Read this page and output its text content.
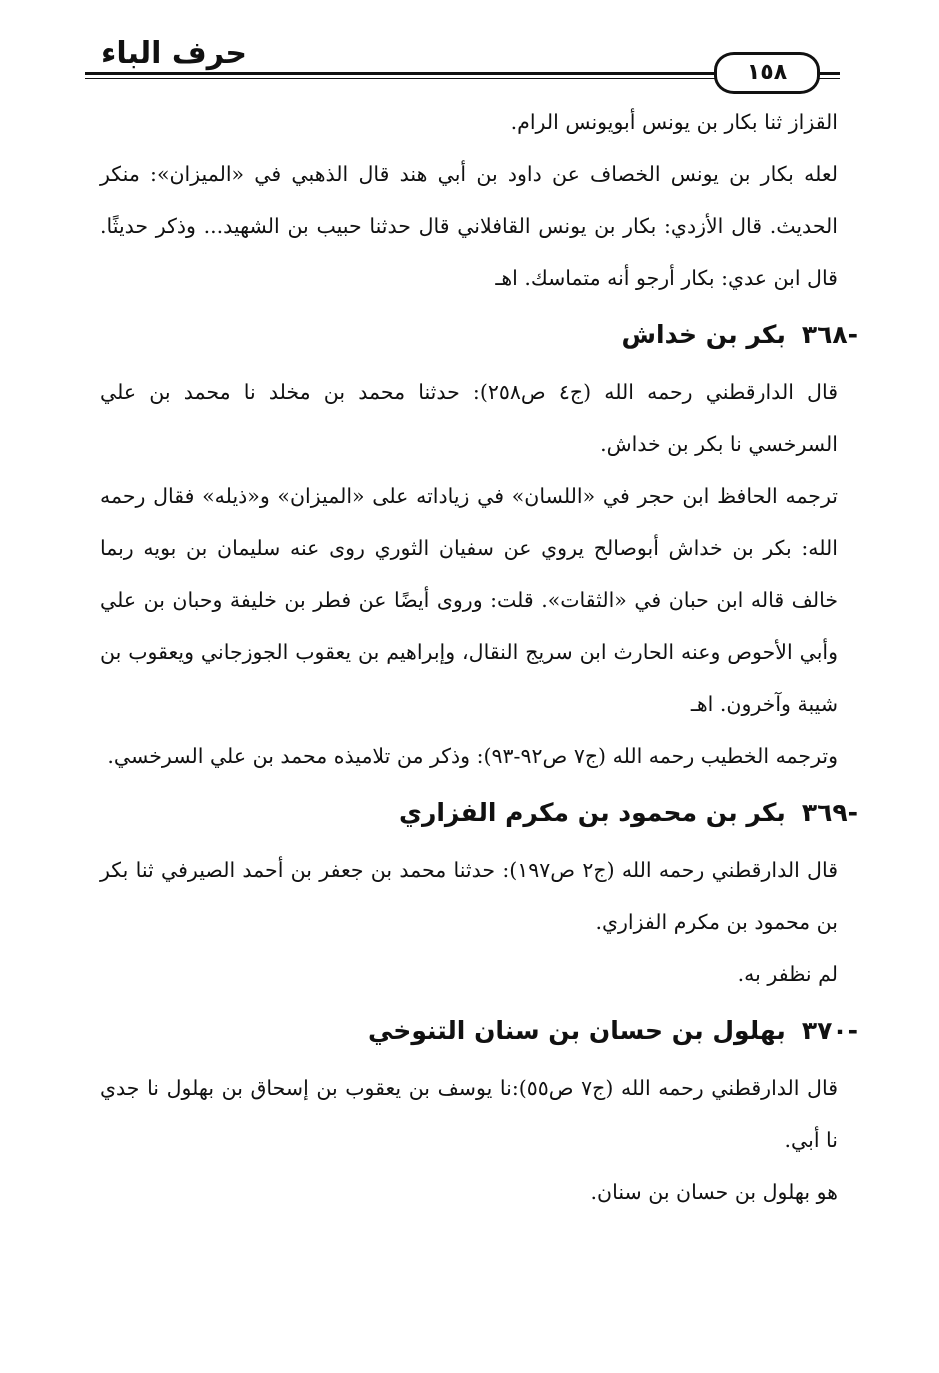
حرف الباء
١٥٨

القزاز ثنا بكار بن يونس أبويونس الرام.

لعله بكار بن يونس الخصاف عن داود بن أبي هند قال الذهبي في «الميزان»: منكر الحديث. قال الأزدي: بكار بن يونس القافلاني قال حدثنا حبيب بن الشهيد... وذكر حديثًا. قال ابن عدي: بكار أرجو أنه متماسك. اهـ

-٣٦٨
بكر بن خداش

قال الدارقطني رحمه الله (ج٤ ص٢٥٨): حدثنا محمد بن مخلد نا محمد بن علي السرخسي نا بكر بن خداش.

ترجمه الحافظ ابن حجر في «اللسان» في زياداته على «الميزان» و«ذيله» فقال رحمه الله: بكر بن خداش أبوصالح يروي عن سفيان الثوري روى عنه سليمان بن بويه ربما خالف قاله ابن حبان في «الثقات». قلت: وروى أيضًا عن فطر بن خليفة وحبان بن علي وأبي الأحوص وعنه الحارث ابن سريج النقال، وإبراهيم بن يعقوب الجوزجاني ويعقوب بن شيبة وآخرون. اهـ

وترجمه الخطيب رحمه الله (ج٧ ص٩٢-٩٣): وذكر من تلاميذه محمد بن علي السرخسي.

-٣٦٩
بكر بن محمود بن مكرم الفزاري

قال الدارقطني رحمه الله (ج٢ ص١٩٧): حدثنا محمد بن جعفر بن أحمد الصيرفي ثنا بكر بن محمود بن مكرم الفزاري.

لم نظفر به.

-٣٧٠
بهلول بن حسان بن سنان التنوخي

قال الدارقطني رحمه الله (ج٧ ص٥٥):نا يوسف بن يعقوب بن إسحاق بن بهلول نا جدي نا أبي.

هو بهلول بن حسان بن سنان.
